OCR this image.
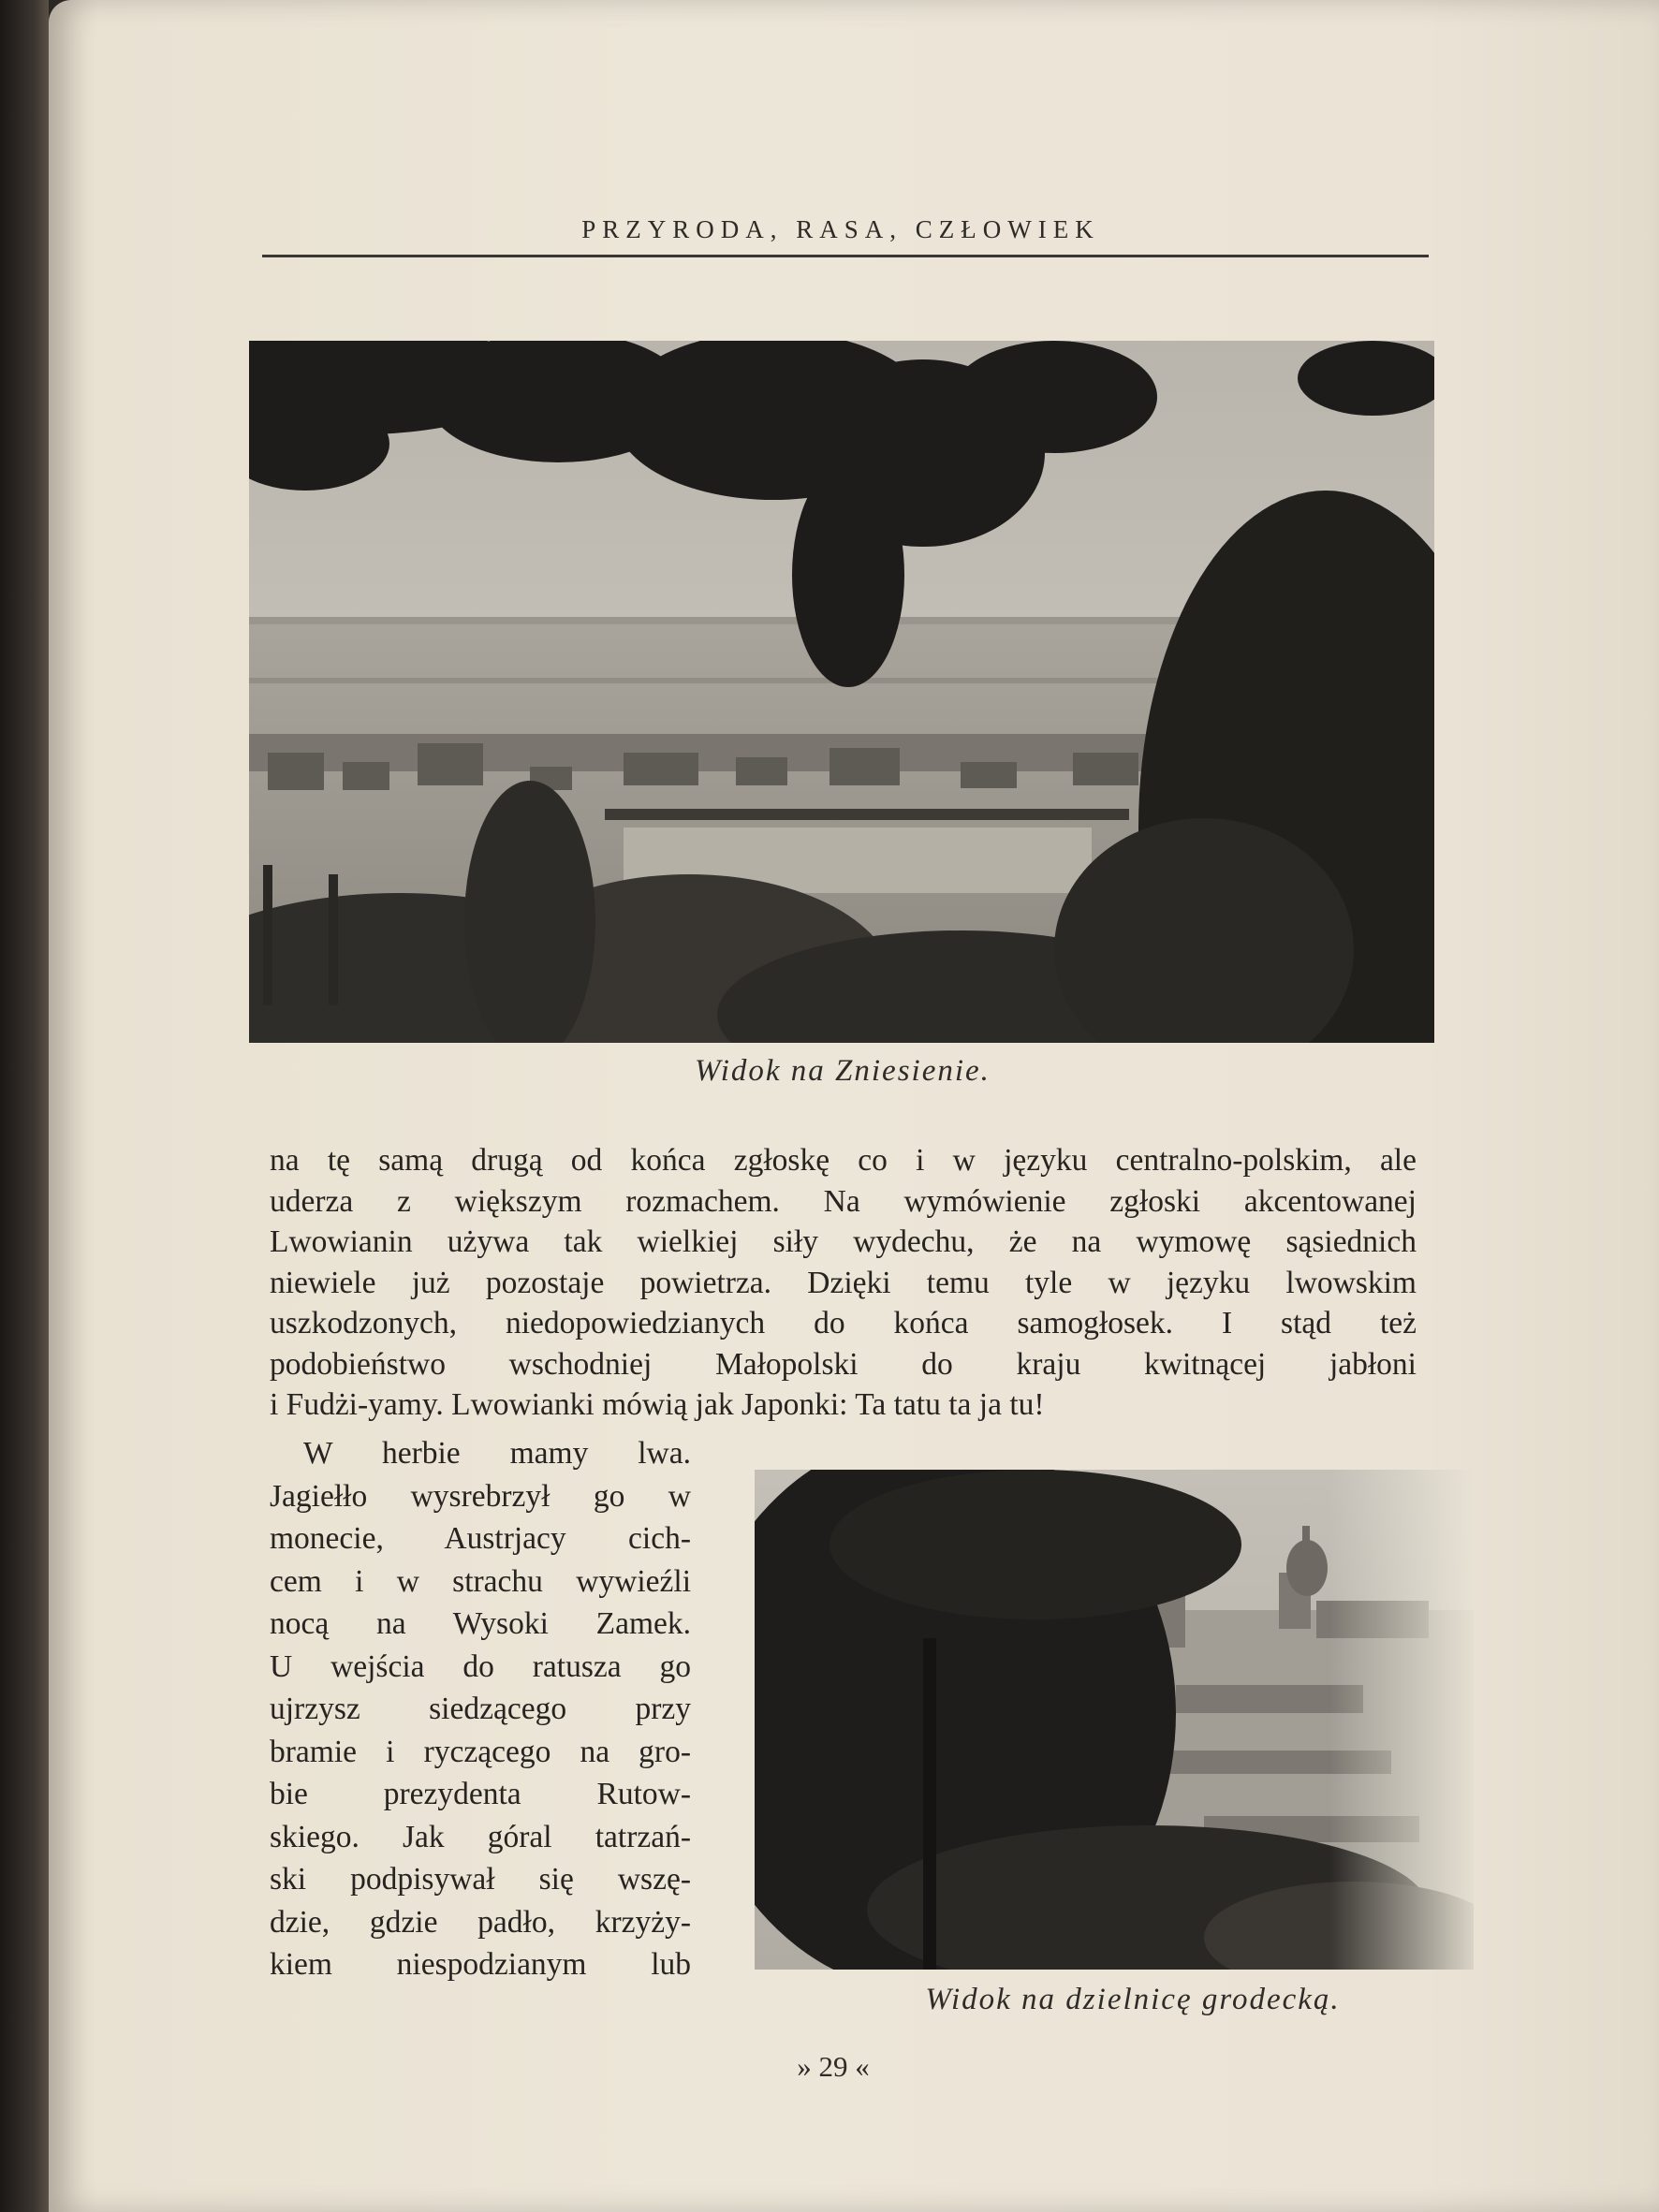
PRZYRODA, RASA, CZŁOWIEK
Widok na Zniesienie.
na tę samą drugą od końca zgłoskę co i w języku centralno-polskim, ale
uderza z większym rozmachem. Na wymówienie zgłoski akcentowanej
Lwowianin używa tak wielkiej siły wydechu, że na wymowę sąsiednich
niewiele już pozostaje powietrza. Dzięki temu tyle w języku lwowskim
uszkodzonych, niedopowiedzianych do końca samogłosek. I stąd też
podobieństwo wschodniej Małopolski do kraju kwitnącej jabłoni
i Fudżi-yamy. Lwowianki mówią jak Japonki: Ta tatu ta ja tu!
W herbie mamy lwa.
Jagiełło wysrebrzył go w
monecie, Austrjacy cich-
cem i w strachu wywieźli
nocą na Wysoki Zamek.
U wejścia do ratusza go
ujrzysz siedzącego przy
bramie i ryczącego na gro-
bie prezydenta Rutow-
skiego. Jak góral tatrzań-
ski podpisywał się wszę-
dzie, gdzie padło, krzyży-
kiem niespodzianym lub
Widok na dzielnicę grodecką.
» 29 «
